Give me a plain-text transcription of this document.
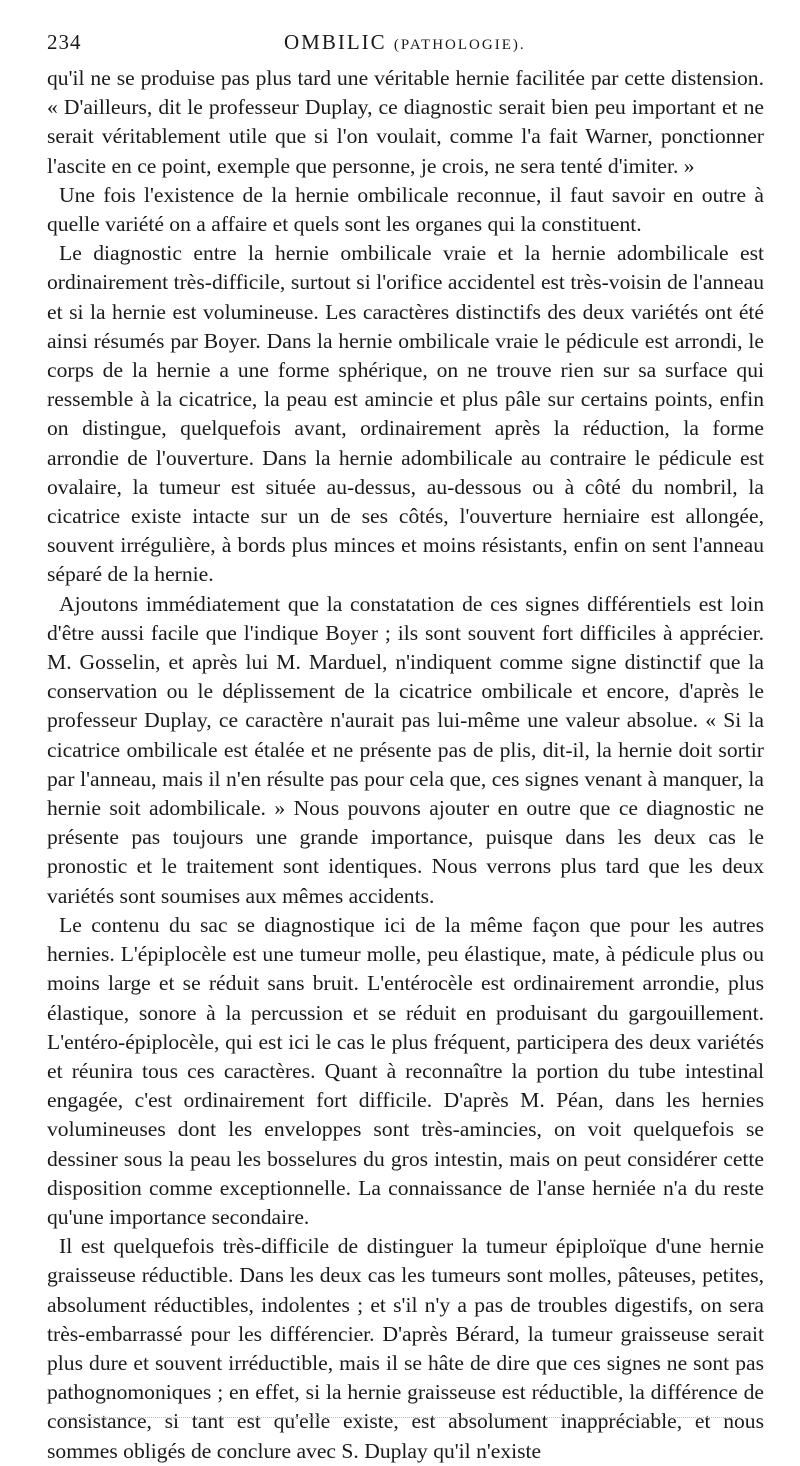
234	OMBILIC (PATHOLOGIE).

qu'il ne se produise pas plus tard une véritable hernie facilitée par cette distension. « D'ailleurs, dit le professeur Duplay, ce diagnostic serait bien peu important et ne serait véritablement utile que si l'on voulait, comme l'a fait Warner, ponctionner l'ascite en ce point, exemple que personne, je crois, ne sera tenté d'imiter. »

Une fois l'existence de la hernie ombilicale reconnue, il faut savoir en outre à quelle variété on a affaire et quels sont les organes qui la constituent.

Le diagnostic entre la hernie ombilicale vraie et la hernie adombilicale est ordinairement très-difficile, surtout si l'orifice accidentel est très-voisin de l'anneau et si la hernie est volumineuse. Les caractères distinctifs des deux variétés ont été ainsi résumés par Boyer. Dans la hernie ombilicale vraie le pédicule est arrondi, le corps de la hernie a une forme sphérique, on ne trouve rien sur sa surface qui ressemble à la cicatrice, la peau est amincie et plus pâle sur certains points, enfin on distingue, quelquefois avant, ordinairement après la réduction, la forme arrondie de l'ouverture. Dans la hernie adombilicale au contraire le pédicule est ovalaire, la tumeur est située au-dessus, au-dessous ou à côté du nombril, la cicatrice existe intacte sur un de ses côtés, l'ouverture herniaire est allongée, souvent irrégulière, à bords plus minces et moins résistants, enfin on sent l'anneau séparé de la hernie.

Ajoutons immédiatement que la constatation de ces signes différentiels est loin d'être aussi facile que l'indique Boyer ; ils sont souvent fort difficiles à apprécier. M. Gosselin, et après lui M. Marduel, n'indiquent comme signe distinctif que la conservation ou le déplissement de la cicatrice ombilicale et encore, d'après le professeur Duplay, ce caractère n'aurait pas lui-même une valeur absolue. « Si la cicatrice ombilicale est étalée et ne présente pas de plis, dit-il, la hernie doit sortir par l'anneau, mais il n'en résulte pas pour cela que, ces signes venant à manquer, la hernie soit adombilicale. » Nous pouvons ajouter en outre que ce diagnostic ne présente pas toujours une grande importance, puisque dans les deux cas le pronostic et le traitement sont identiques. Nous verrons plus tard que les deux variétés sont soumises aux mêmes accidents.

Le contenu du sac se diagnostique ici de la même façon que pour les autres hernies. L'épiplocèle est une tumeur molle, peu élastique, mate, à pédicule plus ou moins large et se réduit sans bruit. L'entérocèle est ordinairement arrondie, plus élastique, sonore à la percussion et se réduit en produisant du gargouillement. L'entéro-épiplocèle, qui est ici le cas le plus fréquent, participera des deux variétés et réunira tous ces caractères. Quant à reconnaître la portion du tube intestinal engagée, c'est ordinairement fort difficile. D'après M. Péan, dans les hernies volumineuses dont les enveloppes sont très-amincies, on voit quelquefois se dessiner sous la peau les bosselures du gros intestin, mais on peut considérer cette disposition comme exceptionnelle. La connaissance de l'anse herniée n'a du reste qu'une importance secondaire.

Il est quelquefois très-difficile de distinguer la tumeur épiploïque d'une hernie graisseuse réductible. Dans les deux cas les tumeurs sont molles, pâteuses, petites, absolument réductibles, indolentes ; et s'il n'y a pas de troubles digestifs, on sera très-embarrassé pour les différencier. D'après Bérard, la tumeur graisseuse serait plus dure et souvent irréductible, mais il se hâte de dire que ces signes ne sont pas pathognomoniques ; en effet, si la hernie graisseuse est réductible, la différence de consistance, si tant est qu'elle existe, est absolument inappréciable, et nous sommes obligés de conclure avec S. Duplay qu'il n'existe
